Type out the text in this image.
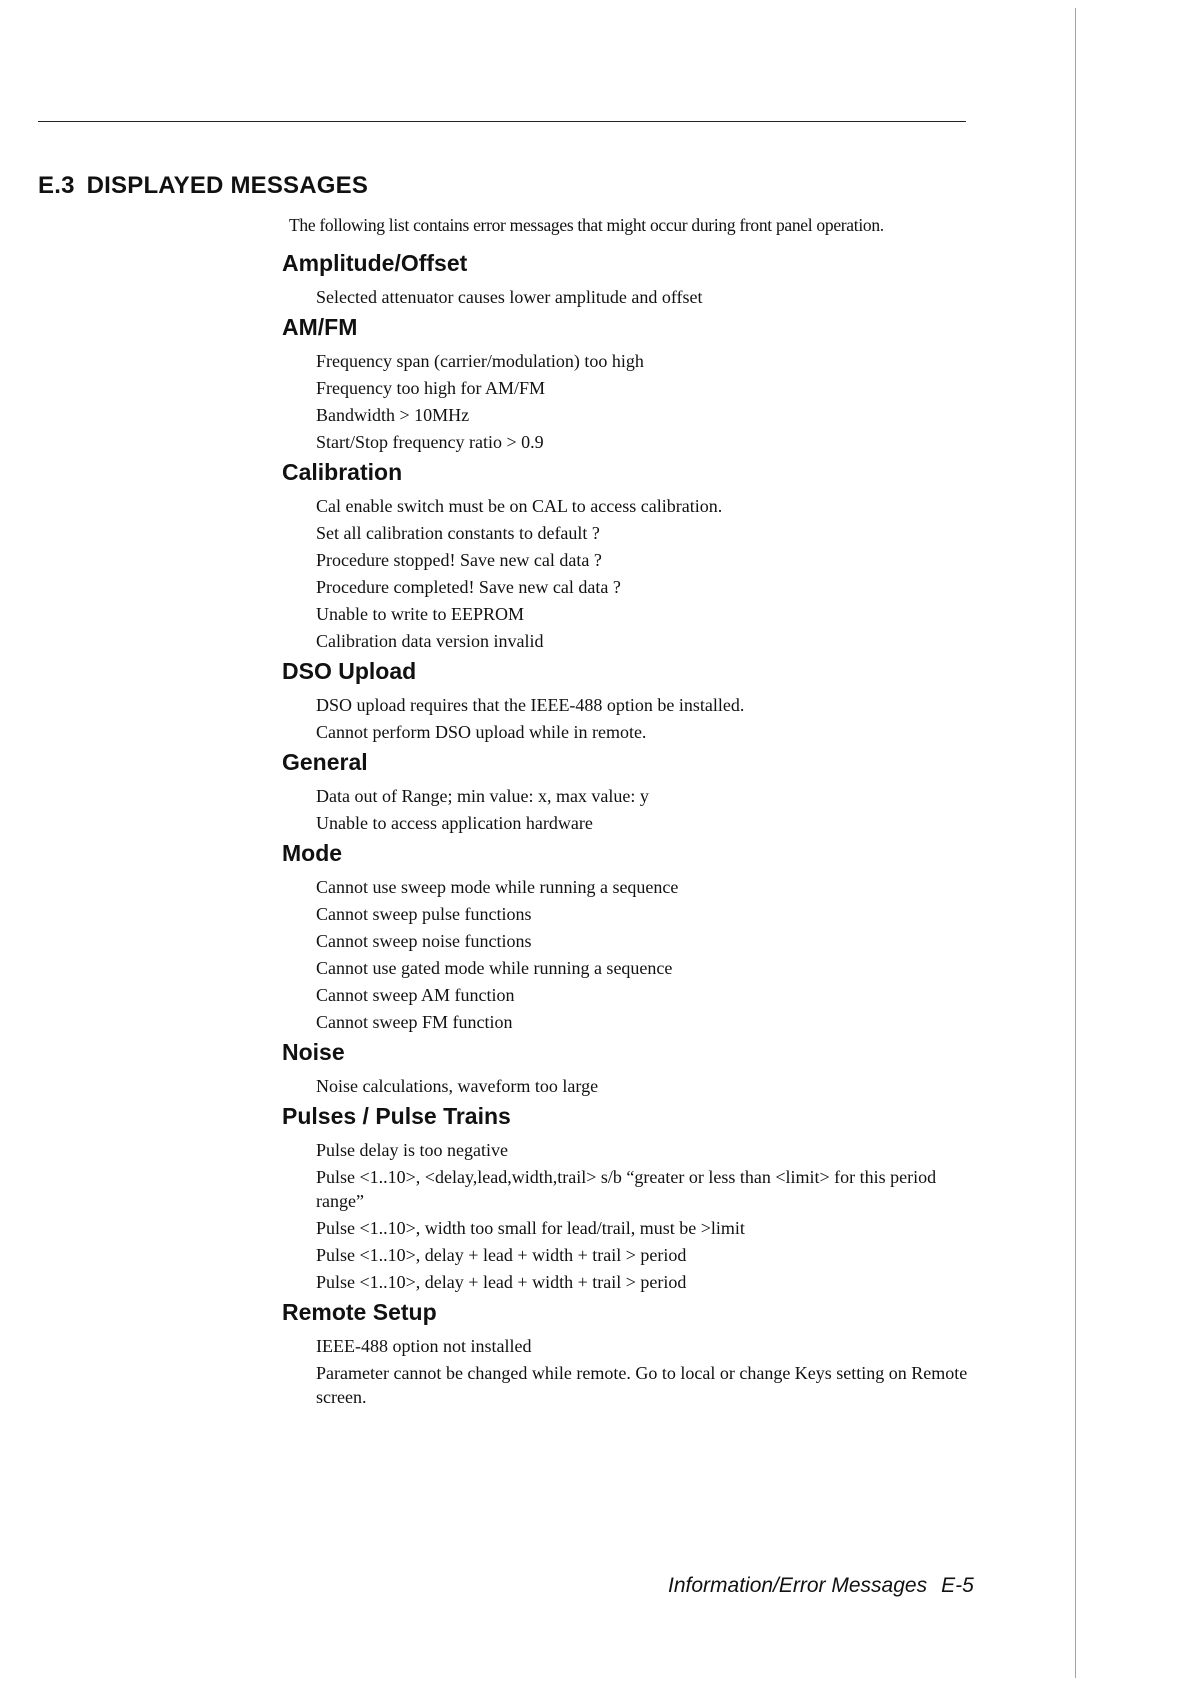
E.3 DISPLAYED MESSAGES

The following list contains error messages that might occur during front panel operation.

Amplitude/Offset
Selected attenuator causes lower amplitude and offset
AM/FM
Frequency span (carrier/modulation) too high
Frequency too high for AM/FM
Bandwidth > 10MHz
Start/Stop frequency ratio > 0.9
Calibration
Cal enable switch must be on CAL to access calibration.
Set all calibration constants to default ?
Procedure stopped! Save new cal data ?
Procedure completed! Save new cal data ?
Unable to write to EEPROM
Calibration data version invalid
DSO Upload
DSO upload requires that the IEEE-488 option be installed.
Cannot perform DSO upload while in remote.
General
Data out of Range; min value: x, max value: y
Unable to access application hardware
Mode
Cannot use sweep mode while running a sequence
Cannot sweep pulse functions
Cannot sweep noise functions
Cannot use gated mode while running a sequence
Cannot sweep AM function
Cannot sweep FM function
Noise
Noise calculations, waveform too large
Pulses / Pulse Trains
Pulse delay is too negative
Pulse <1..10>, <delay,lead,width,trail> s/b “greater or less than <limit> for this period range”
Pulse <1..10>, width too small for lead/trail, must be >limit
Pulse <1..10>, delay + lead + width + trail > period
Pulse <1..10>, delay + lead + width + trail > period
Remote Setup
IEEE-488 option not installed
Parameter cannot be changed while remote. Go to local or change Keys setting on Remote screen.

Information/Error Messages E-5
